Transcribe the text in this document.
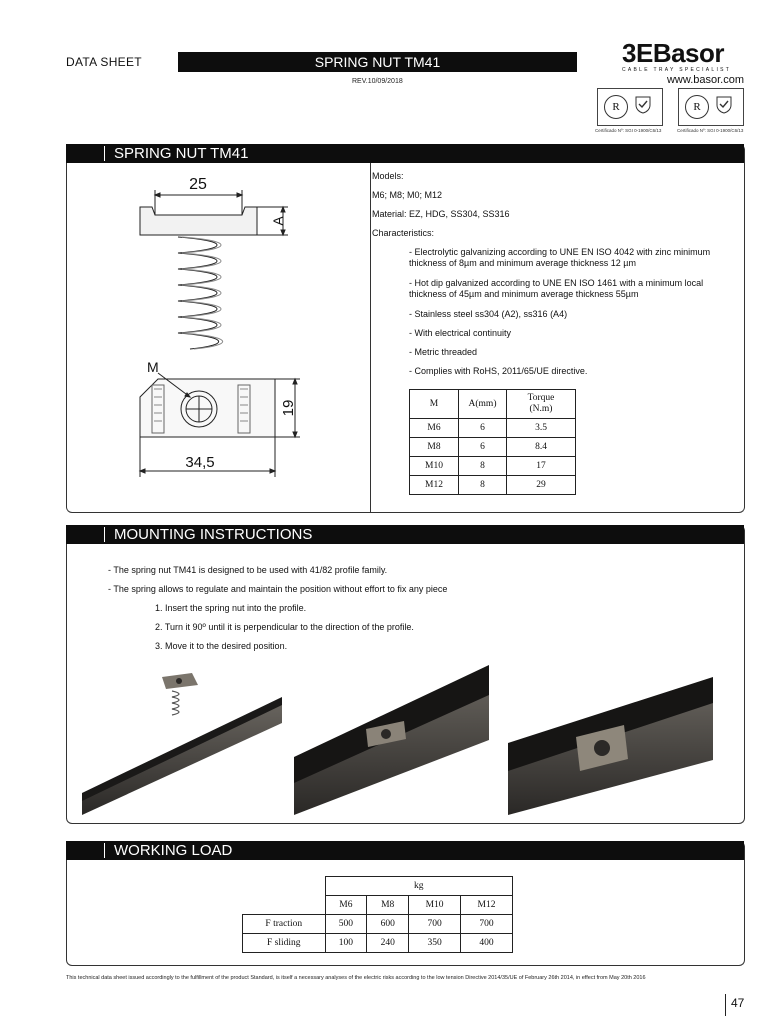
DATA SHEET	SPRING NUT TM41
REV.10/09/2018
3EBasor
CABLE TRAY SPECIALIST
www.basor.com
R
Certificado Nº: SGI 0-1900/C6/13
R
Certificado Nº: SGI 0-1900/C6/13
SPRING NUT TM41
25
A
M
19
34,5
Models:
M6; M8; M0; M12
Material: EZ, HDG, SS304, SS316
Characteristics:
- Electrolytic galvanizing according to UNE EN ISO 4042 with zinc minimum thickness of 8µm and minimum average thickness 12 µm
- Hot dip galvanized according to UNE EN ISO 1461 with a minimum local thickness of 45µm and minimum average thickness 55µm
- Stainless steel ss304 (A2), ss316 (A4)
- With electrical continuity
- Metric threaded
- Complies with RoHS, 2011/65/UE directive.
M	A(mm)	Torque (N.m)
M6	6	3.5
M8	6	8.4
M10	8	17
M12	8	29
MOUNTING INSTRUCTIONS
- The spring nut TM41 is designed to be used with 41/82 profile family.
- The spring allows to regulate and maintain the position without effort to fix any piece
1. Insert the spring nut into the profile.
2. Turn it 90º until it is perpendicular to the direction of the profile.
3. Move it to the desired position.
WORKING LOAD
	kg			
	M6	M8	M10	M12
F traction	500	600	700	700
F sliding	100	240	350	400
This technical data sheet issued accordingly to the fulfillment of the product Standard, is itself a necessary analyses of the electric risks according to the low tension Directive 2014/35/UE of February 26th 2014, in effect from May 20th 2016
47
